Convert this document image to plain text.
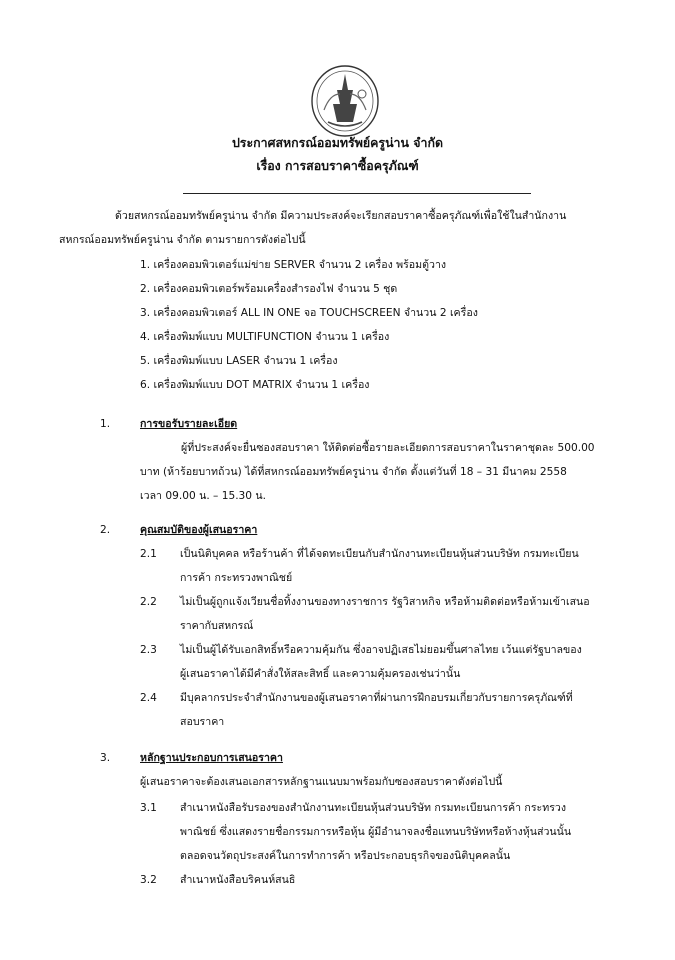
ประกาศสหกรณ์ออมทรัพย์ครูน่าน จำกัด
เรื่อง การสอบราคาซื้อครุภัณฑ์
ด้วยสหกรณ์ออมทรัพย์ครูน่าน จำกัด มีความประสงค์จะเรียกสอบราคาซื้อครุภัณฑ์เพื่อใช้ในสำนักงาน
สหกรณ์ออมทรัพย์ครูน่าน จำกัด ตามรายการดังต่อไปนี้
1. เครื่องคอมพิวเตอร์แม่ข่าย SERVER จำนวน 2 เครื่อง พร้อมตู้วาง
2. เครื่องคอมพิวเตอร์พร้อมเครื่องสำรองไฟ จำนวน 5 ชุด
3. เครื่องคอมพิวเตอร์ ALL IN ONE จอ TOUCHSCREEN จำนวน 2 เครื่อง
4. เครื่องพิมพ์แบบ MULTIFUNCTION จำนวน 1 เครื่อง
5. เครื่องพิมพ์แบบ LASER จำนวน 1 เครื่อง
6. เครื่องพิมพ์แบบ DOT MATRIX จำนวน 1 เครื่อง
1.	การขอรับรายละเอียด
ผู้ที่ประสงค์จะยื่นซองสอบราคา ให้ติดต่อซื้อรายละเอียดการสอบราคาในราคาชุดละ 500.00
บาท (ห้าร้อยบาทถ้วน) ได้ที่สหกรณ์ออมทรัพย์ครูน่าน จำกัด ตั้งแต่วันที่ 18 – 31 มีนาคม 2558
เวลา 09.00 น. – 15.30 น.
2.	คุณสมบัติของผู้เสนอราคา
2.1 เป็นนิติบุคคล หรือร้านค้า ที่ได้จดทะเบียนกับสำนักงานทะเบียนหุ้นส่วนบริษัท กรมทะเบียน
การค้า กระทรวงพาณิชย์
2.2 ไม่เป็นผู้ถูกแจ้งเวียนชื่อทิ้งงานของทางราชการ รัฐวิสาหกิจ หรือห้ามติดต่อหรือห้ามเข้าเสนอ
ราคากับสหกรณ์
2.3 ไม่เป็นผู้ได้รับเอกสิทธิ์หรือความคุ้มกัน ซึ่งอาจปฏิเสธไม่ยอมขึ้นศาลไทย เว้นแต่รัฐบาลของ
ผู้เสนอราคาได้มีคำสั่งให้สละสิทธิ์ และความคุ้มครองเช่นว่านั้น
2.4 มีบุคลากรประจำสำนักงานของผู้เสนอราคาที่ผ่านการฝึกอบรมเกี่ยวกับรายการครุภัณฑ์ที่
สอบราคา
3.	หลักฐานประกอบการเสนอราคา
ผู้เสนอราคาจะต้องเสนอเอกสารหลักฐานแนบมาพร้อมกับซองสอบราคาดังต่อไปนี้
3.1 สำเนาหนังสือรับรองของสำนักงานทะเบียนหุ้นส่วนบริษัท กรมทะเบียนการค้า กระทรวง
พาณิชย์ ซึ่งแสดงรายชื่อกรรมการหรือหุ้น ผู้มีอำนาจลงชื่อแทนบริษัทหรือห้างหุ้นส่วนนั้น
ตลอดจนวัตถุประสงค์ในการทำการค้า หรือประกอบธุรกิจของนิติบุคคลนั้น
3.2 สำเนาหนังสือบริคนห์สนธิ
